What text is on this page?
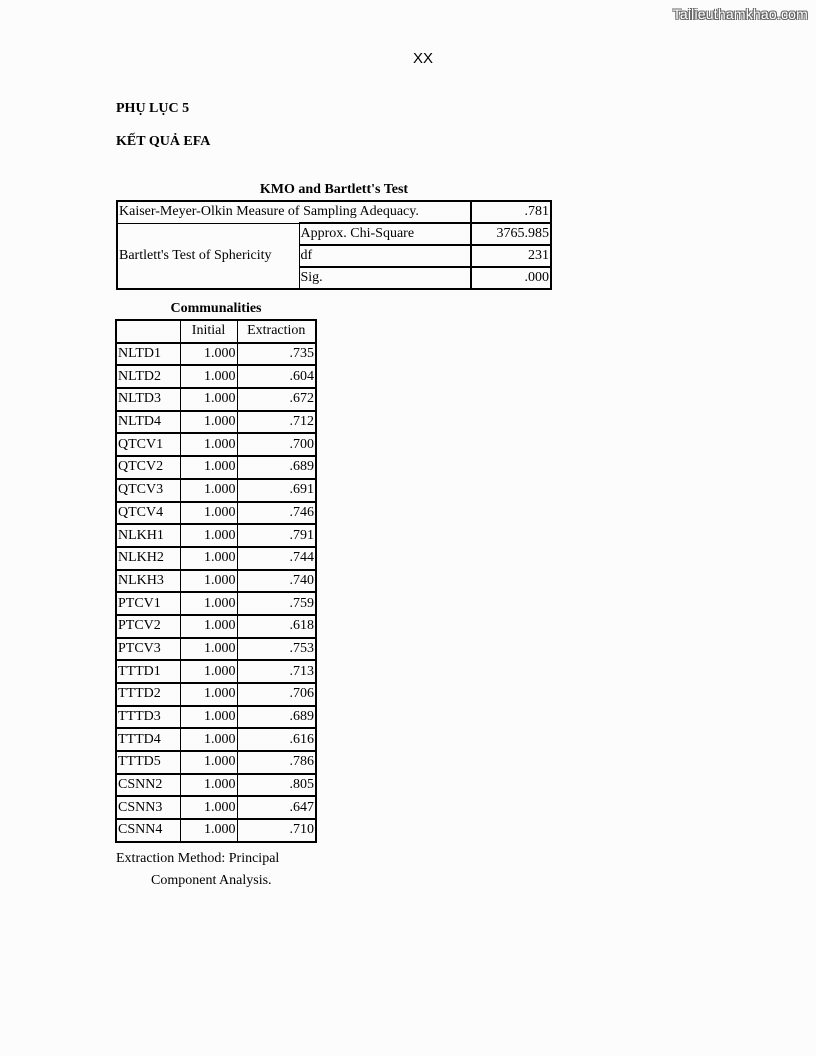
Tailieuthamkhao.com
XX
PHỤ LỤC 5
KẾT QUẢ EFA
KMO and Bartlett's Test
Kaiser-Meyer-Olkin Measure of Sampling Adequacy.		.781
Bartlett's Test of Sphericity	Approx. Chi-Square	3765.985
	df	231
	Sig.	.000
Communalities
	Initial	Extraction
NLTD1	1.000	.735
NLTD2	1.000	.604
NLTD3	1.000	.672
NLTD4	1.000	.712
QTCV1	1.000	.700
QTCV2	1.000	.689
QTCV3	1.000	.691
QTCV4	1.000	.746
NLKH1	1.000	.791
NLKH2	1.000	.744
NLKH3	1.000	.740
PTCV1	1.000	.759
PTCV2	1.000	.618
PTCV3	1.000	.753
TTTD1	1.000	.713
TTTD2	1.000	.706
TTTD3	1.000	.689
TTTD4	1.000	.616
TTTD5	1.000	.786
CSNN2	1.000	.805
CSNN3	1.000	.647
CSNN4	1.000	.710
Extraction Method: Principal
Component Analysis.
